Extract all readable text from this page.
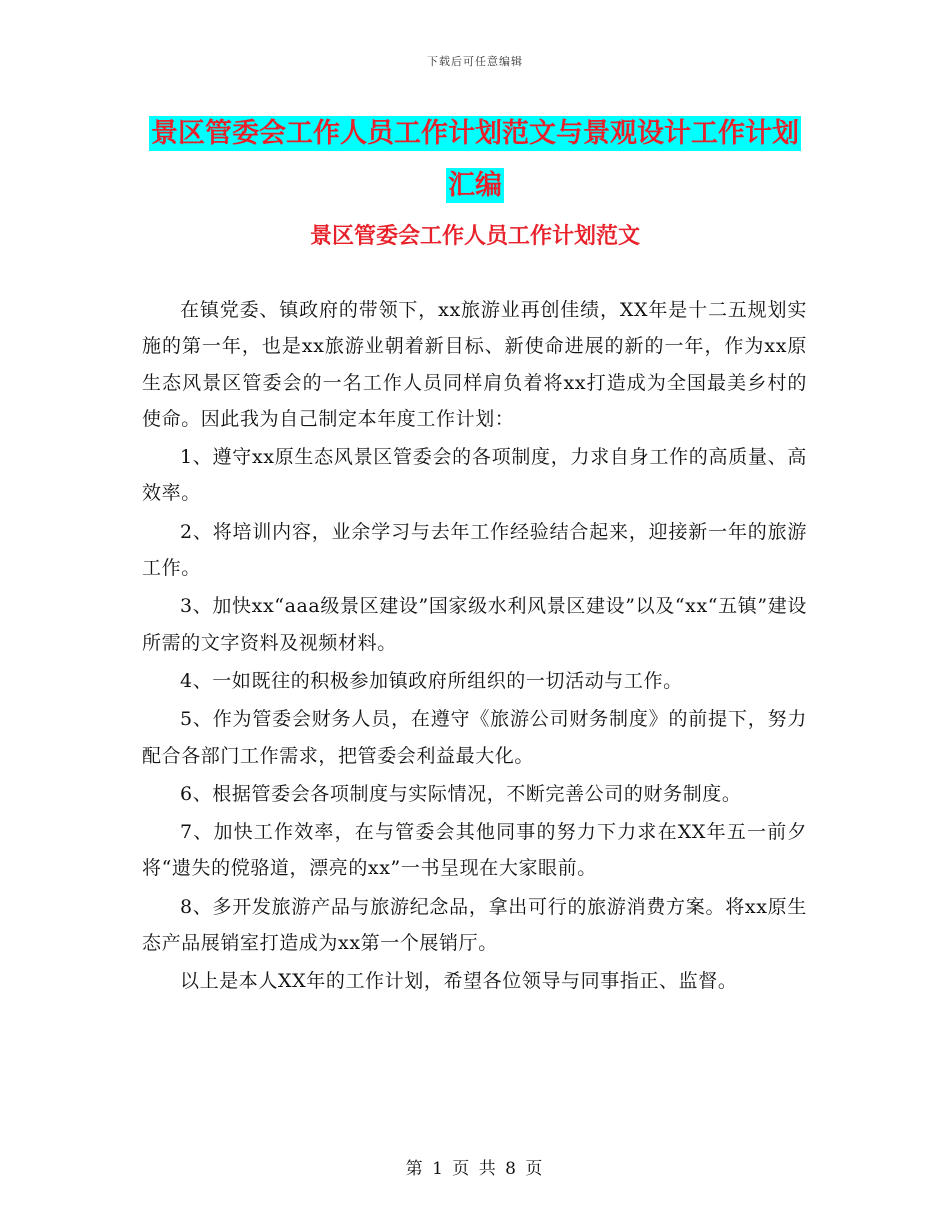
下载后可任意编辑
景区管委会工作人员工作计划范文与景观设计工作计划汇编
景区管委会工作人员工作计划范文

在镇党委、镇政府的带领下，xx旅游业再创佳绩，XX年是十二五规划实施的第一年，也是xx旅游业朝着新目标、新使命进展的新的一年，作为xx原生态风景区管委会的一名工作人员同样肩负着将xx打造成为全国最美乡村的使命。因此我为自己制定本年度工作计划：

1、遵守xx原生态风景区管委会的各项制度，力求自身工作的高质量、高效率。

2、将培训内容，业余学习与去年工作经验结合起来，迎接新一年的旅游工作。

3、加快xx“aaa级景区建设”国家级水利风景区建设”以及“xx“五镇”建设所需的文字资料及视频材料。

4、一如既往的积极参加镇政府所组织的一切活动与工作。

5、作为管委会财务人员，在遵守《旅游公司财务制度》的前提下，努力配合各部门工作需求，把管委会利益最大化。

6、根据管委会各项制度与实际情况，不断完善公司的财务制度。

7、加快工作效率，在与管委会其他同事的努力下力求在XX年五一前夕将“遗失的傥骆道，漂亮的xx”一书呈现在大家眼前。

8、多开发旅游产品与旅游纪念品，拿出可行的旅游消费方案。将xx原生态产品展销室打造成为xx第一个展销厅。

以上是本人XX年的工作计划，希望各位领导与同事指正、监督。

第 1 页 共 8 页
